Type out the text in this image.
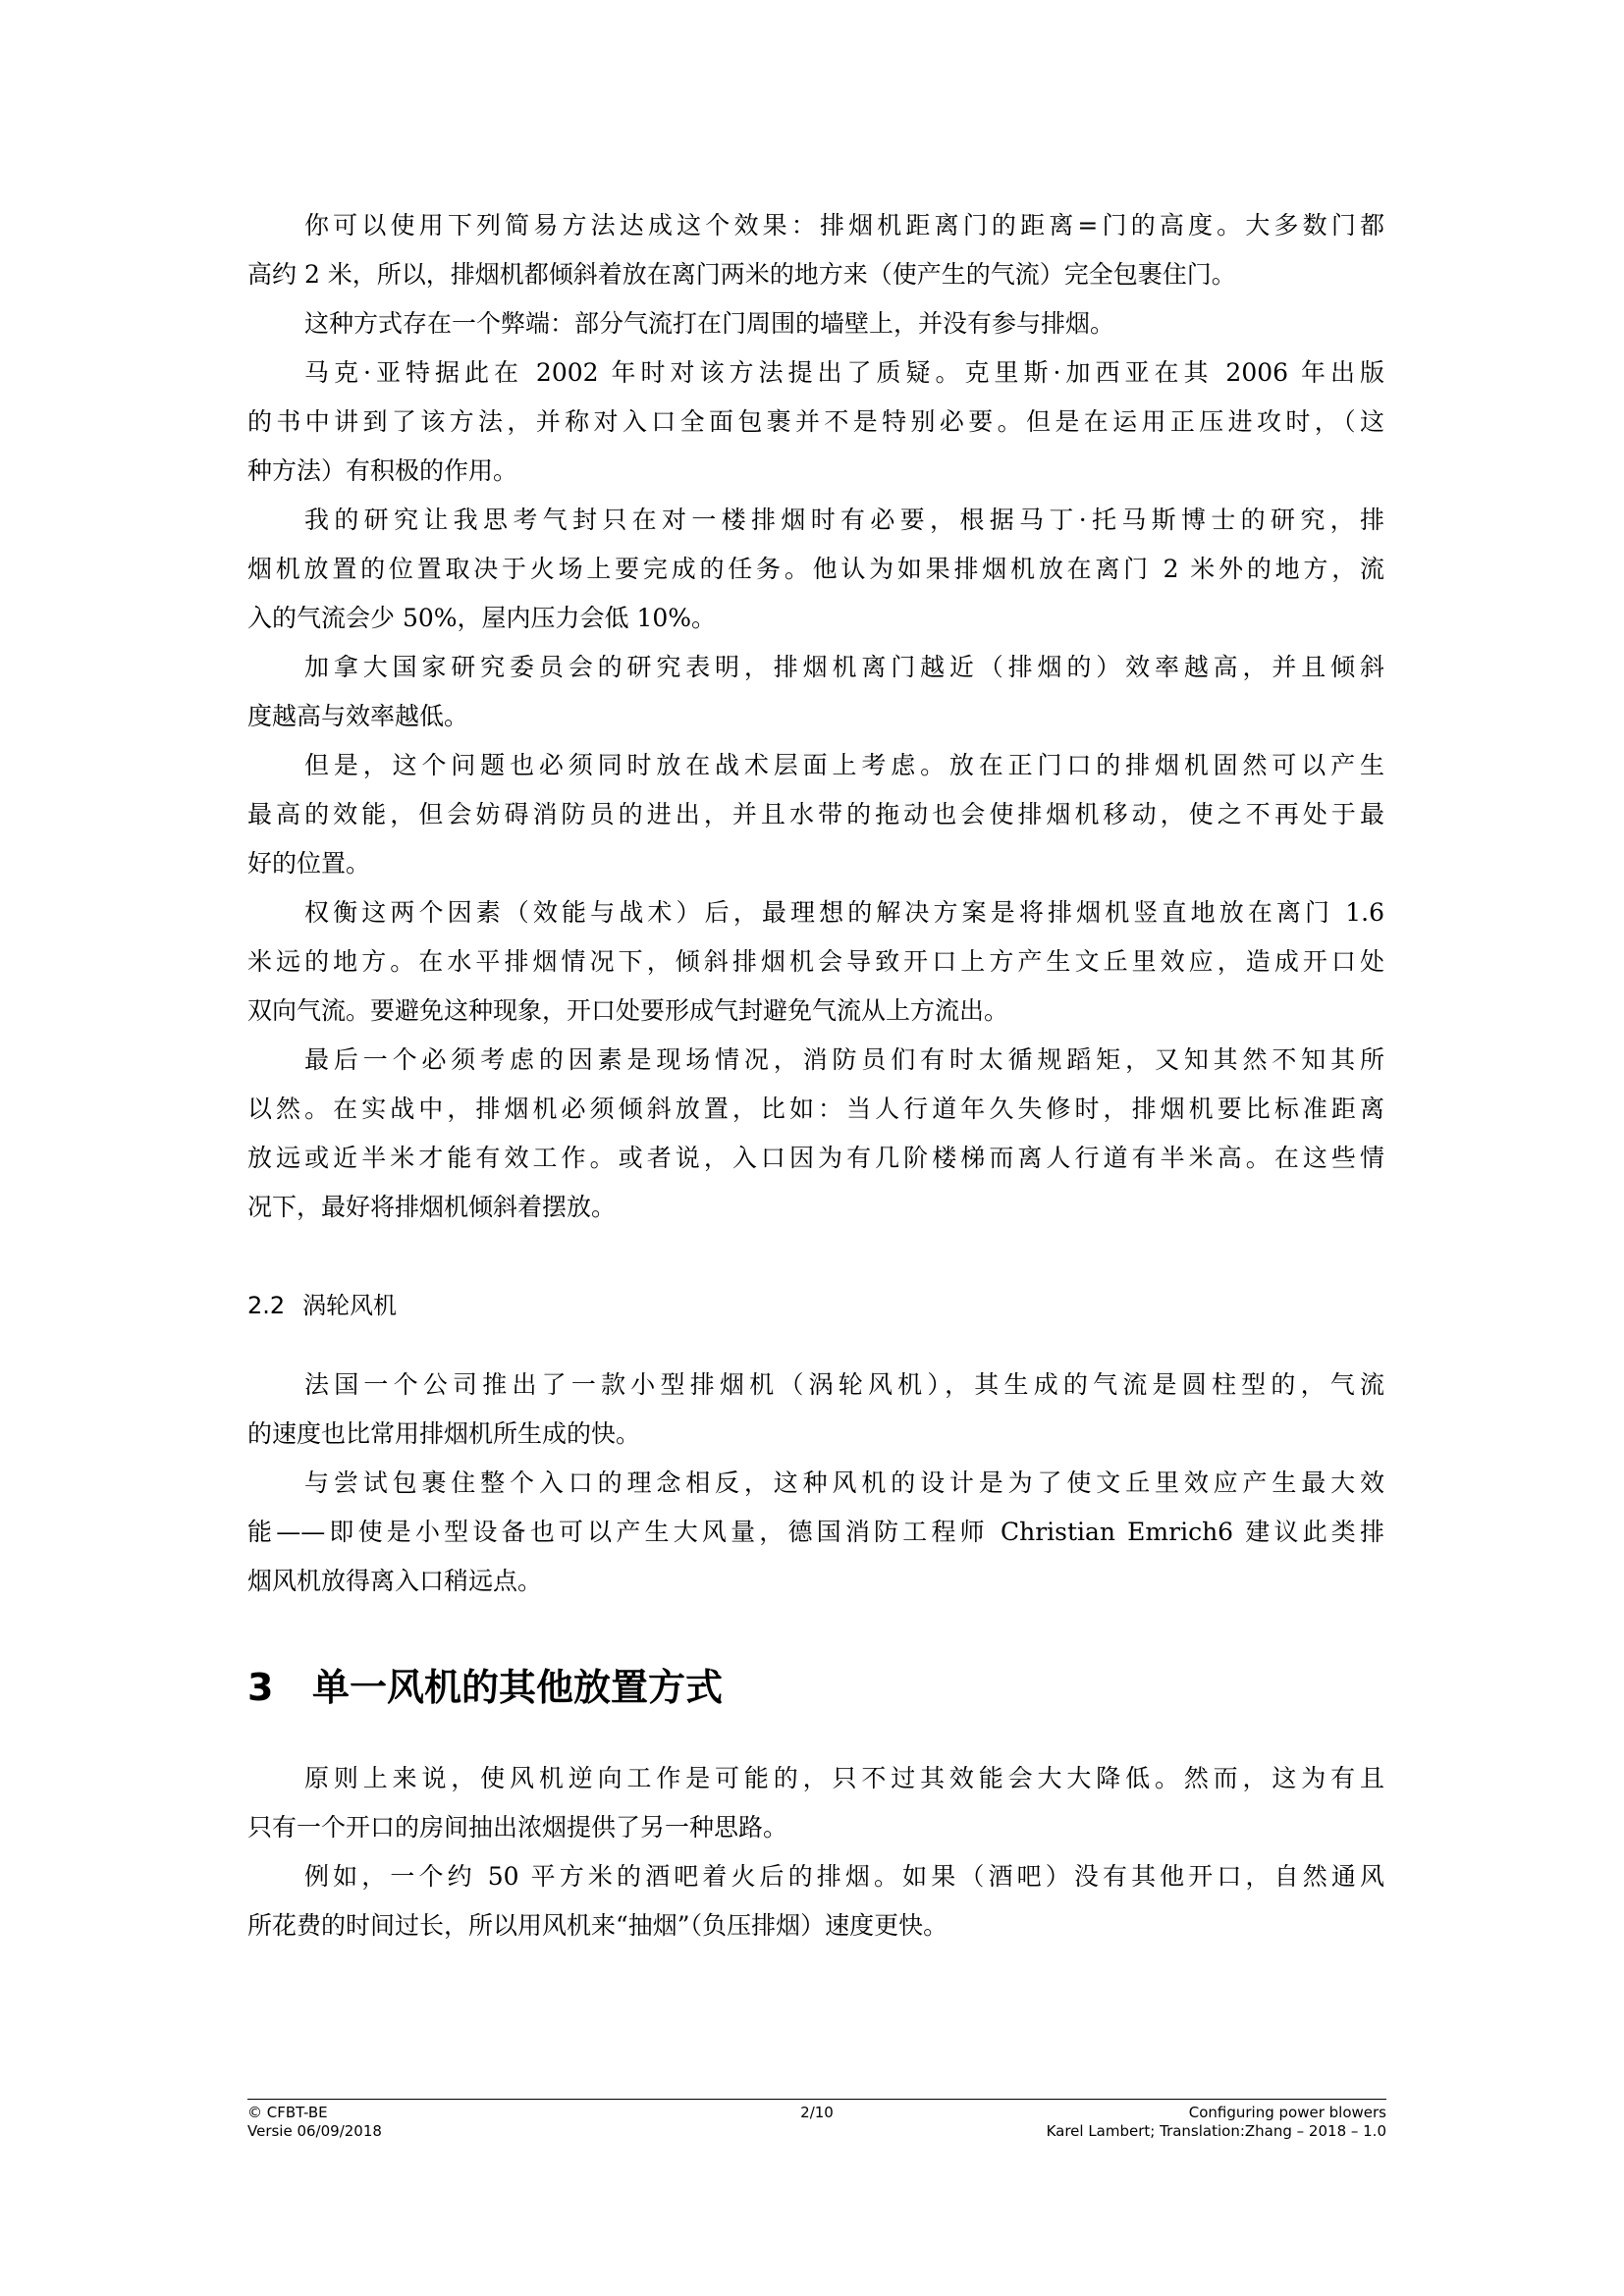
你可以使用下列简易方法达成这个效果：排烟机距离门的距离=门的高度。大多数门都
高约 2 米，所以，排烟机都倾斜着放在离门两米的地方来（使产生的气流）完全包裹住门。
这种方式存在一个弊端：部分气流打在门周围的墙壁上，并没有参与排烟。
马克·亚特据此在 2002 年时对该方法提出了质疑。克里斯·加西亚在其 2006 年出版
的书中讲到了该方法，并称对入口全面包裹并不是特别必要。但是在运用正压进攻时，（这
种方法）有积极的作用。
我的研究让我思考气封只在对一楼排烟时有必要，根据马丁·托马斯博士的研究，排
烟机放置的位置取决于火场上要完成的任务。他认为如果排烟机放在离门 2 米外的地方，流
入的气流会少 50%，屋内压力会低 10%。
加拿大国家研究委员会的研究表明，排烟机离门越近（排烟的）效率越高，并且倾斜
度越高与效率越低。
但是，这个问题也必须同时放在战术层面上考虑。放在正门口的排烟机固然可以产生
最高的效能，但会妨碍消防员的进出，并且水带的拖动也会使排烟机移动，使之不再处于最
好的位置。
权衡这两个因素（效能与战术）后，最理想的解决方案是将排烟机竖直地放在离门 1.6
米远的地方。在水平排烟情况下，倾斜排烟机会导致开口上方产生文丘里效应，造成开口处
双向气流。要避免这种现象，开口处要形成气封避免气流从上方流出。
最后一个必须考虑的因素是现场情况，消防员们有时太循规蹈矩，又知其然不知其所
以然。在实战中，排烟机必须倾斜放置，比如：当人行道年久失修时，排烟机要比标准距离
放远或近半米才能有效工作。或者说，入口因为有几阶楼梯而离人行道有半米高。在这些情
况下，最好将排烟机倾斜着摆放。
2.2 涡轮风机
法国一个公司推出了一款小型排烟机（涡轮风机），其生成的气流是圆柱型的，气流
的速度也比常用排烟机所生成的快。
与尝试包裹住整个入口的理念相反，这种风机的设计是为了使文丘里效应产生最大效
能——即使是小型设备也可以产生大风量，德国消防工程师 Christian Emrich6 建议此类排
烟风机放得离入口稍远点。
3 单一风机的其他放置方式
原则上来说，使风机逆向工作是可能的，只不过其效能会大大降低。然而，这为有且
只有一个开口的房间抽出浓烟提供了另一种思路。
例如，一个约 50 平方米的酒吧着火后的排烟。如果（酒吧）没有其他开口，自然通风
所花费的时间过长，所以用风机来“抽烟”（负压排烟）速度更快。
© CFBT-BE
Versie 06/09/2018
2/10	Configuring power blowers
Karel Lambert; Translation:Zhang – 2018 – 1.0
